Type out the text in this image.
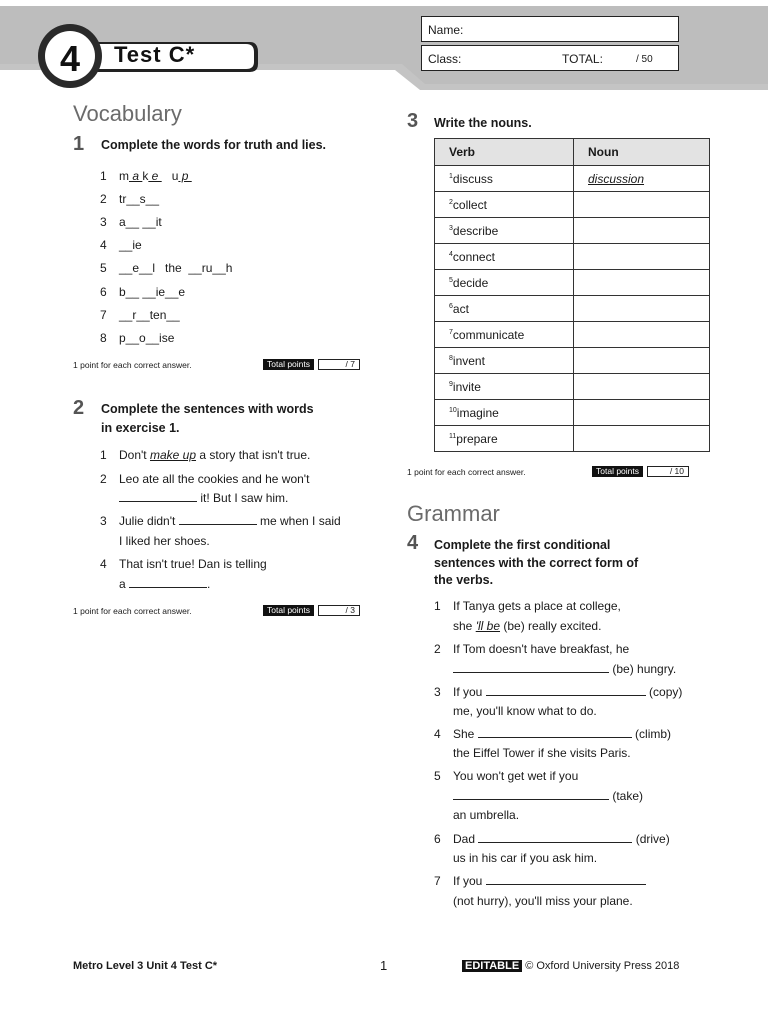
4	Test C*
Name:
Class:	TOTAL:	/ 50
Vocabulary
1 Complete the words for truth and lies.
1 m a k e    u p
2 tr__s__
3 a__ __it
4 __ie
5 __e__l   the  __ru__h
6 b__ __ie__e
7 __r__ten__
8 p__o__ise
1 point for each correct answer.	Total points	/ 7
2 Complete the sentences with words
in exercise 1.
1 Don't make up a story that isn't true.
2 Leo ate all the cookies and he won't
it! But I saw him.
3 Julie didn't	me when I said
I liked her shoes.
4 That isn't true! Dan is telling
a	.
1 point for each correct answer.	Total points	/ 3
3 Write the nouns.
Verb	Noun
$^1$discuss	discussion
$^2$collect	
$^3$describe	
$^4$connect	
$^5$decide	
$^6$act	
$^7$communicate	
$^8$invent	
$^9$invite	
$^{10}$imagine	
$^{11}$prepare	
1 point for each correct answer.	Total points	/ 10
Grammar
4 Complete the first conditional
sentences with the correct form of
the verbs.
1 If Tanya gets a place at college,
she 'll be (be) really excited.
2 If Tom doesn't have breakfast, he
(be) hungry.
3 If you	(copy)
me, you'll know what to do.
4 She	(climb)
the Eiffel Tower if she visits Paris.
5 You won't get wet if you
(take)
an umbrella.
6 Dad	(drive)
us in his car if you ask him.
7 If you
(not hurry), you'll miss your plane.
Metro Level 3 Unit 4 Test C*	1	EDITABLE © Oxford University Press 2018
